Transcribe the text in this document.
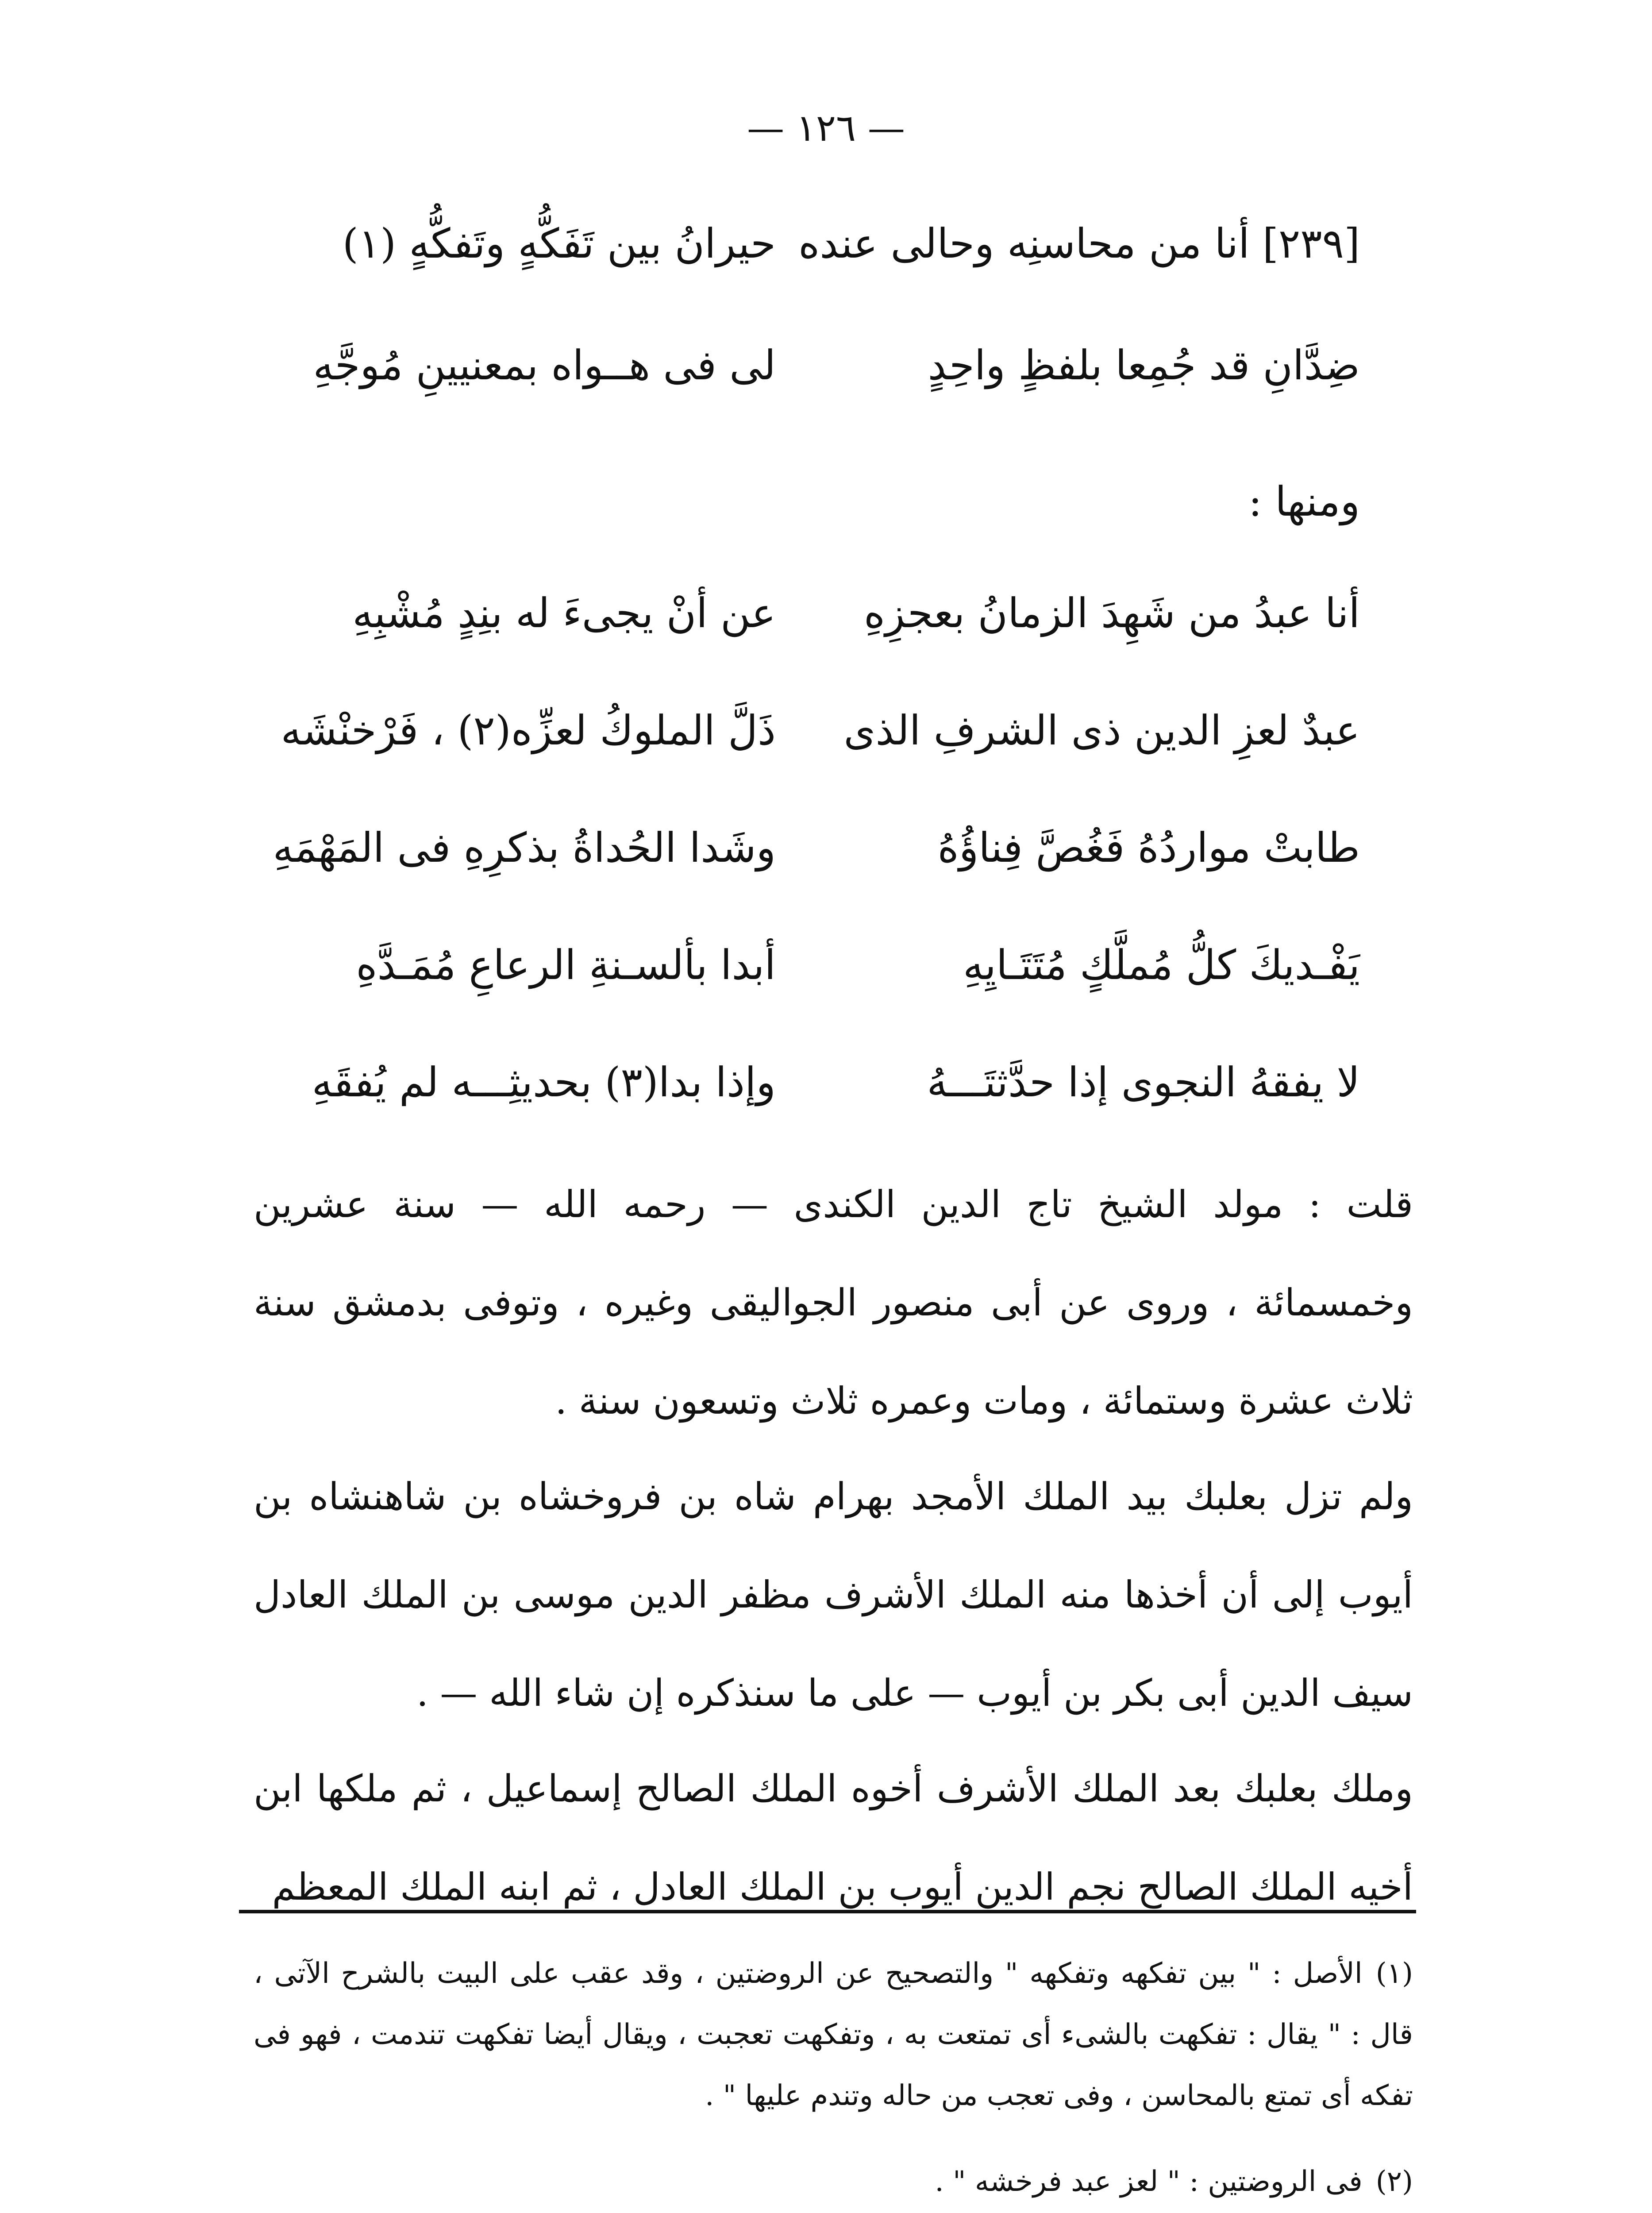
— ١٢٦ —
[٢٣٩] أنا من محاسنِه وحالى عنده
حيرانُ بين تَفَكُّهٍ وتَفكُّهٍ (١)
ضِدَّانِ قد جُمِعا بلفظٍ واحِدٍ
لى فى هــواه بمعنيينِ مُوجَّهِ
ومنها :
أنا عبدُ من شَهِدَ الزمانُ بعجزِهِ
عن أنْ يجىءَ له بنِدٍ مُشْبِهِ
عبدٌ لعزِ الدين ذى الشرفِ الذى
ذَلَّ الملوكُ لعزِّه(٢) ، فَرْخنْشَه
طابتْ مواردُهُ فَغُصَّ فِناؤُهُ
وشَدا الحُداةُ بذكرِهِ فى المَهْمَهِ
يَفْـديكَ كلُّ مُملَّكٍ مُتَتَـايِهِ
أبدا بألسـنةِ الرعاعِ مُمَـدَّهِ
لا يفقهُ النجوى إذا حدَّثتَـــهُ
وإذا بدا(٣) بحديثِـــه لم يُفقَهِ
قلت : مولد الشيخ تاج الدين الكندى — رحمه الله — سنة عشرين وخمسمائة ، وروى عن أبى منصور الجواليقى وغيره ، وتوفى بدمشق سنة ثلاث عشرة وستمائة ، ومات وعمره ثلاث وتسعون سنة .
ولم تزل بعلبك بيد الملك الأمجد بهرام شاه بن فروخشاه بن شاهنشاه بن أيوب إلى أن أخذها منه الملك الأشرف مظفر الدين موسى بن الملك العادل سيف الدين أبى بكر بن أيوب — على ما سنذكره إن شاء الله — .
وملك بعلبك بعد الملك الأشرف أخوه الملك الصالح إسماعيل ، ثم ملكها ابن أخيه الملك الصالح نجم الدين أيوب بن الملك العادل ، ثم ابنه الملك المعظم
(١)الأصل : " بين تفكهه وتفكهه " والتصحيح عن الروضتين ، وقد عقب على البيت بالشرح الآتى ، قال : " يقال : تفكهت بالشىء أى تمتعت به ، وتفكهت تعجبت ، ويقال أيضا تفكهت تندمت ، فهو فى تفكه أى تمتع بالمحاسن ، وفى تعجب من حاله وتندم عليها " .
(٢)فى الروضتين : " لعز عبد فرخشه " .
